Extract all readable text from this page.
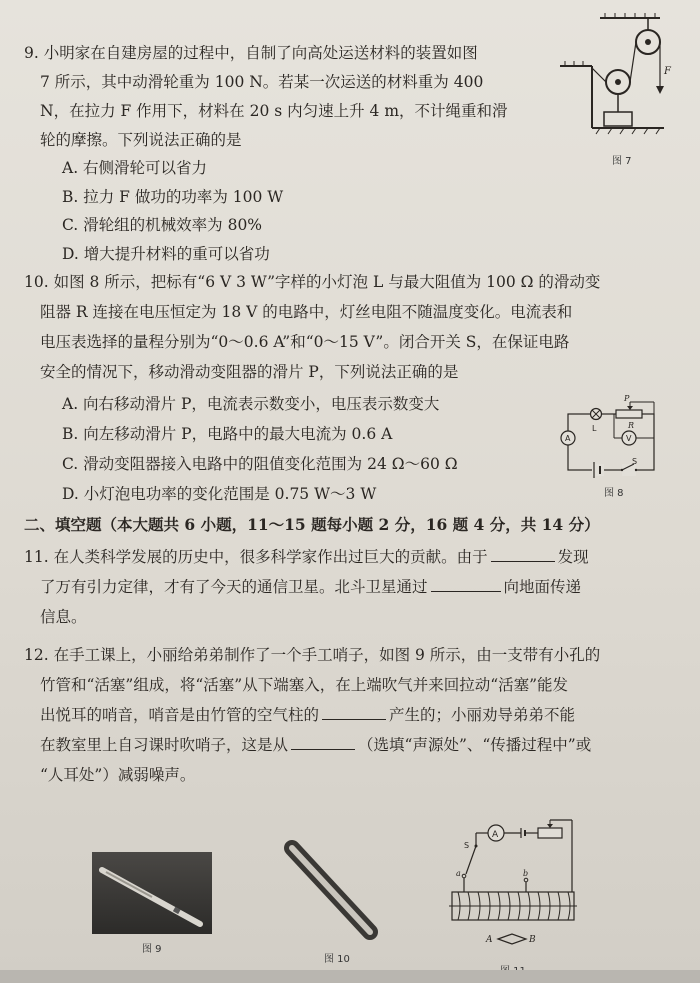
9. 小明家在自建房屋的过程中，自制了向高处运送材料的装置如图
7 所示，其中动滑轮重为 100 N。若某一次运送的材料重为 400
N，在拉力 F 作用下，材料在 20 s 内匀速上升 4 m，不计绳重和滑
轮的摩擦。下列说法正确的是
A. 右侧滑轮可以省力
B. 拉力 F 做功的功率为 100 W
C. 滑轮组的机械效率为 80%
D. 增大提升材料的重可以省功
F
图 7
10. 如图 8 所示，把标有“6 V 3 W”字样的小灯泡 L 与最大阻值为 100 Ω 的滑动变
阻器 R 连接在电压恒定为 18 V 的电路中，灯丝电阻不随温度变化。电流表和
电压表选择的量程分别为“0～0.6 A”和“0～15 V”。闭合开关 S，在保证电路
安全的情况下，移动滑动变阻器的滑片 P，下列说法正确的是
A. 向右移动滑片 P，电流表示数变小，电压表示数变大
B. 向左移动滑片 P，电路中的最大电流为 0.6 A
C. 滑动变阻器接入电路中的阻值变化范围为 24 Ω～60 Ω
D. 小灯泡电功率的变化范围是 0.75 W～3 W
A
L
P
R
V
S
图 8
二、填空题（本大题共 6 小题，11～15 题每小题 2 分，16 题 4 分，共 14 分）
11. 在人类科学发展的历史中，很多科学家作出过巨大的贡献。由于	发现
了万有引力定律，才有了今天的通信卫星。北斗卫星通过	向地面传递
信息。
12. 在手工课上，小丽给弟弟制作了一个手工哨子，如图 9 所示，由一支带有小孔的
竹管和“活塞”组成，将“活塞”从下端塞入，在上端吹气并来回拉动“活塞”能发
出悦耳的哨音，哨音是由竹管的空气柱的	产生的；小丽劝导弟弟不能
在教室里上自习课时吹哨子，这是从	（选填“声源处”、“传播过程中”或
“人耳处”）减弱噪声。
图 9
图 10
A
S
a	b
A	B
